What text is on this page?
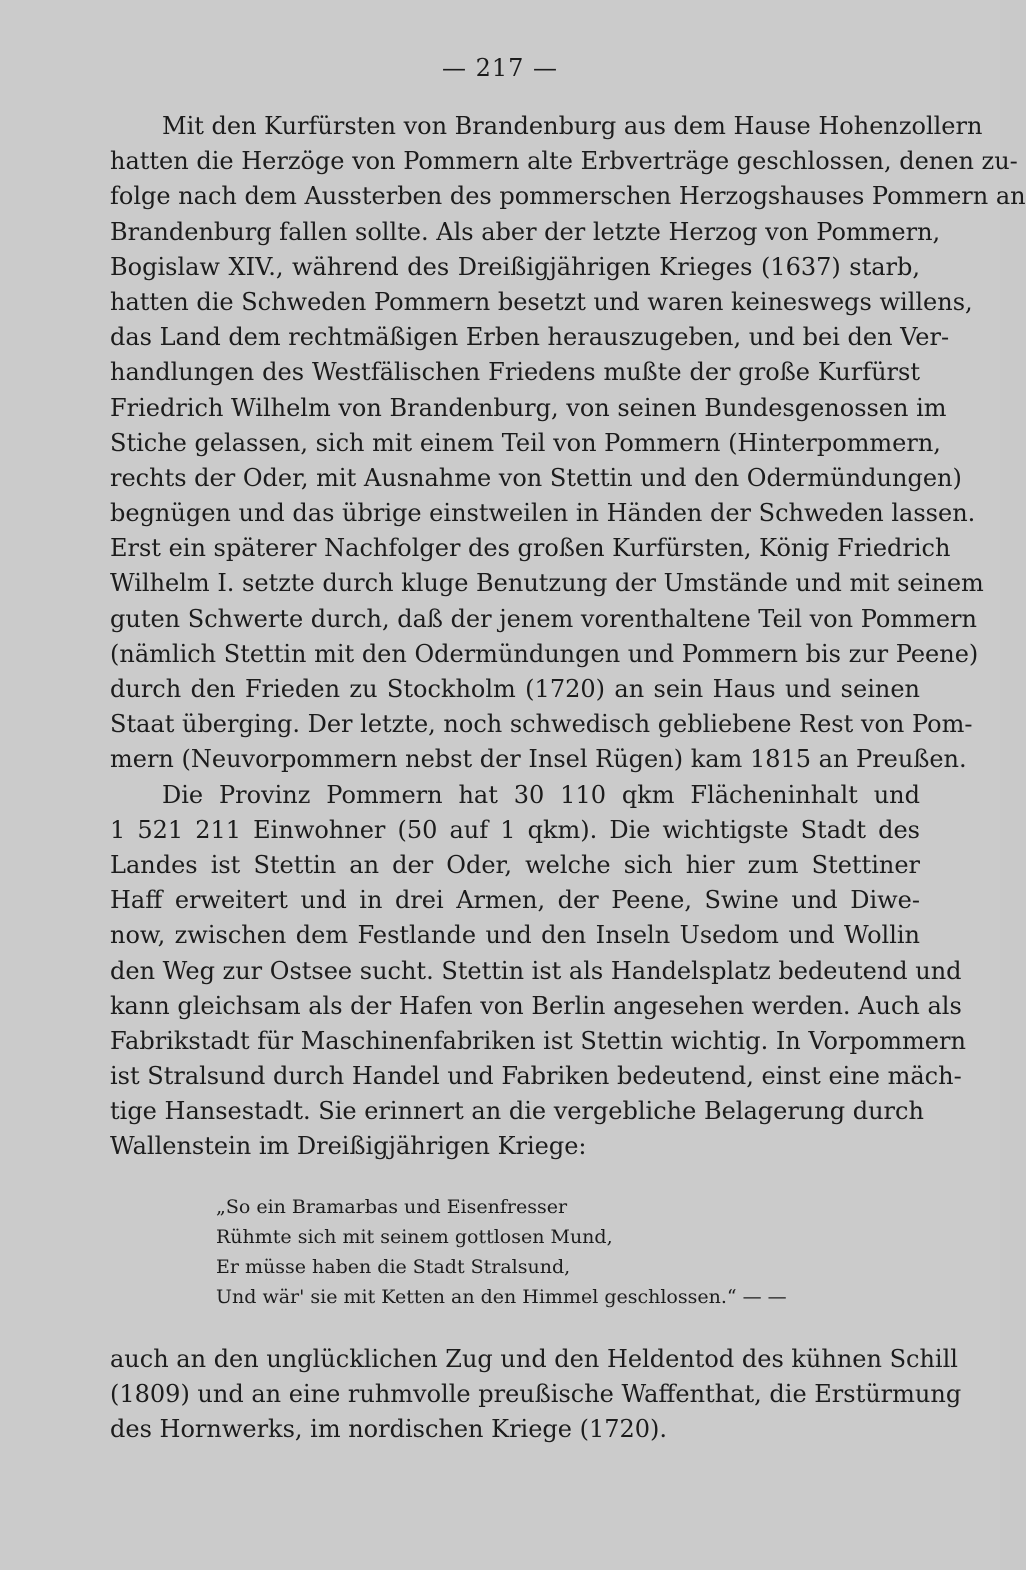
— 217 —
Mit den Kurfürsten von Brandenburg aus dem Hause Hohenzollern
hatten die Herzöge von Pommern alte Erbverträge geschlossen, denen zu-
folge nach dem Aussterben des pommerschen Herzogshauses Pommern an
Brandenburg fallen sollte. Als aber der letzte Herzog von Pommern,
Bogislaw XIV., während des Dreißigjährigen Krieges (1637) starb,
hatten die Schweden Pommern besetzt und waren keineswegs willens,
das Land dem rechtmäßigen Erben herauszugeben, und bei den Ver-
handlungen des Westfälischen Friedens mußte der große Kurfürst
Friedrich Wilhelm von Brandenburg, von seinen Bundesgenossen im
Stiche gelassen, sich mit einem Teil von Pommern (Hinterpommern,
rechts der Oder, mit Ausnahme von Stettin und den Odermündungen)
begnügen und das übrige einstweilen in Händen der Schweden lassen.
Erst ein späterer Nachfolger des großen Kurfürsten, König Friedrich
Wilhelm I. setzte durch kluge Benutzung der Umstände und mit seinem
guten Schwerte durch, daß der jenem vorenthaltene Teil von Pommern
(nämlich Stettin mit den Odermündungen und Pommern bis zur Peene)
durch den Frieden zu Stockholm (1720) an sein Haus und seinen
Staat überging. Der letzte, noch schwedisch gebliebene Rest von Pom-
mern (Neuvorpommern nebst der Insel Rügen) kam 1815 an Preußen.
Die Provinz Pommern hat 30 110 qkm Flächeninhalt und
1 521 211 Einwohner (50 auf 1 qkm). Die wichtigste Stadt des
Landes ist Stettin an der Oder, welche sich hier zum Stettiner
Haff erweitert und in drei Armen, der Peene, Swine und Diwe-
now, zwischen dem Festlande und den Inseln Usedom und Wollin
den Weg zur Ostsee sucht. Stettin ist als Handelsplatz bedeutend und
kann gleichsam als der Hafen von Berlin angesehen werden. Auch als
Fabrikstadt für Maschinenfabriken ist Stettin wichtig. In Vorpommern
ist Stralsund durch Handel und Fabriken bedeutend, einst eine mäch-
tige Hansestadt. Sie erinnert an die vergebliche Belagerung durch
Wallenstein im Dreißigjährigen Kriege:
„So ein Bramarbas und Eisenfresser
Rühmte sich mit seinem gottlosen Mund,
Er müsse haben die Stadt Stralsund,
Und wär' sie mit Ketten an den Himmel geschlossen.“ — —
auch an den unglücklichen Zug und den Heldentod des kühnen Schill
(1809) und an eine ruhmvolle preußische Waffenthat, die Erstürmung
des Hornwerks, im nordischen Kriege (1720).
